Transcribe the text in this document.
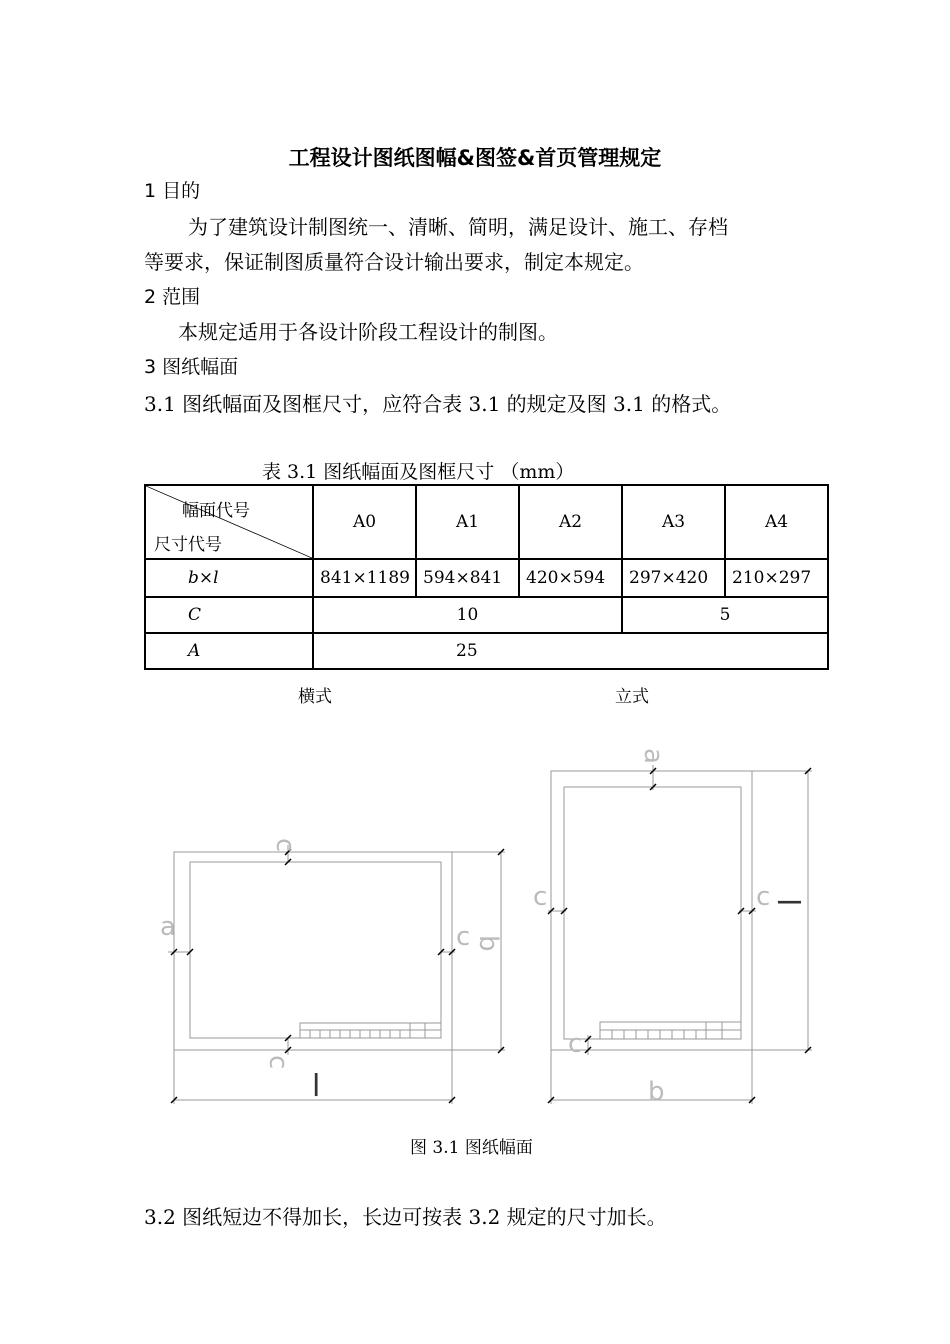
工程设计图纸图幅&图签&首页管理规定
1 目的
为了建筑设计制图统一、清晰、简明，满足设计、施工、存档
等要求，保证制图质量符合设计输出要求，制定本规定。
2 范围
本规定适用于各设计阶段工程设计的制图。
3 图纸幅面
3.1 图纸幅面及图框尺寸，应符合表 3.1 的规定及图 3.1 的格式。
表 3.1 图纸幅面及图框尺寸 （mm）
幅面代号
尺寸代号	A0	A1	A2	A3	A4
b×l	841×1189	594×841	420×594	297×420	210×297
C	10			5	
A	25				
横式	立式
c
c
a	c b
a
c	c
c
b
l
l
图 3.1 图纸幅面
3.2 图纸短边不得加长，长边可按表 3.2 规定的尺寸加长。
